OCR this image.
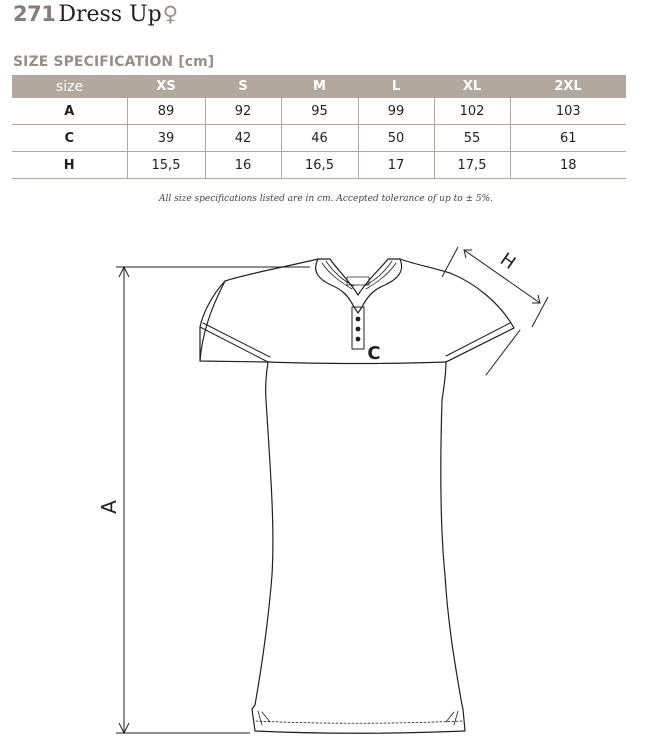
271 Dress Up♀
SIZE SPECIFICATION [cm]
size	XS	S	M	L	XL	2XL
A	89	92	95	99	102	103
C	39	42	46	50	55	61
H	15,5	16	16,5	17	17,5	18
All size specifications listed are in cm. Accepted tolerance of up to ± 5%.
A
C
H
